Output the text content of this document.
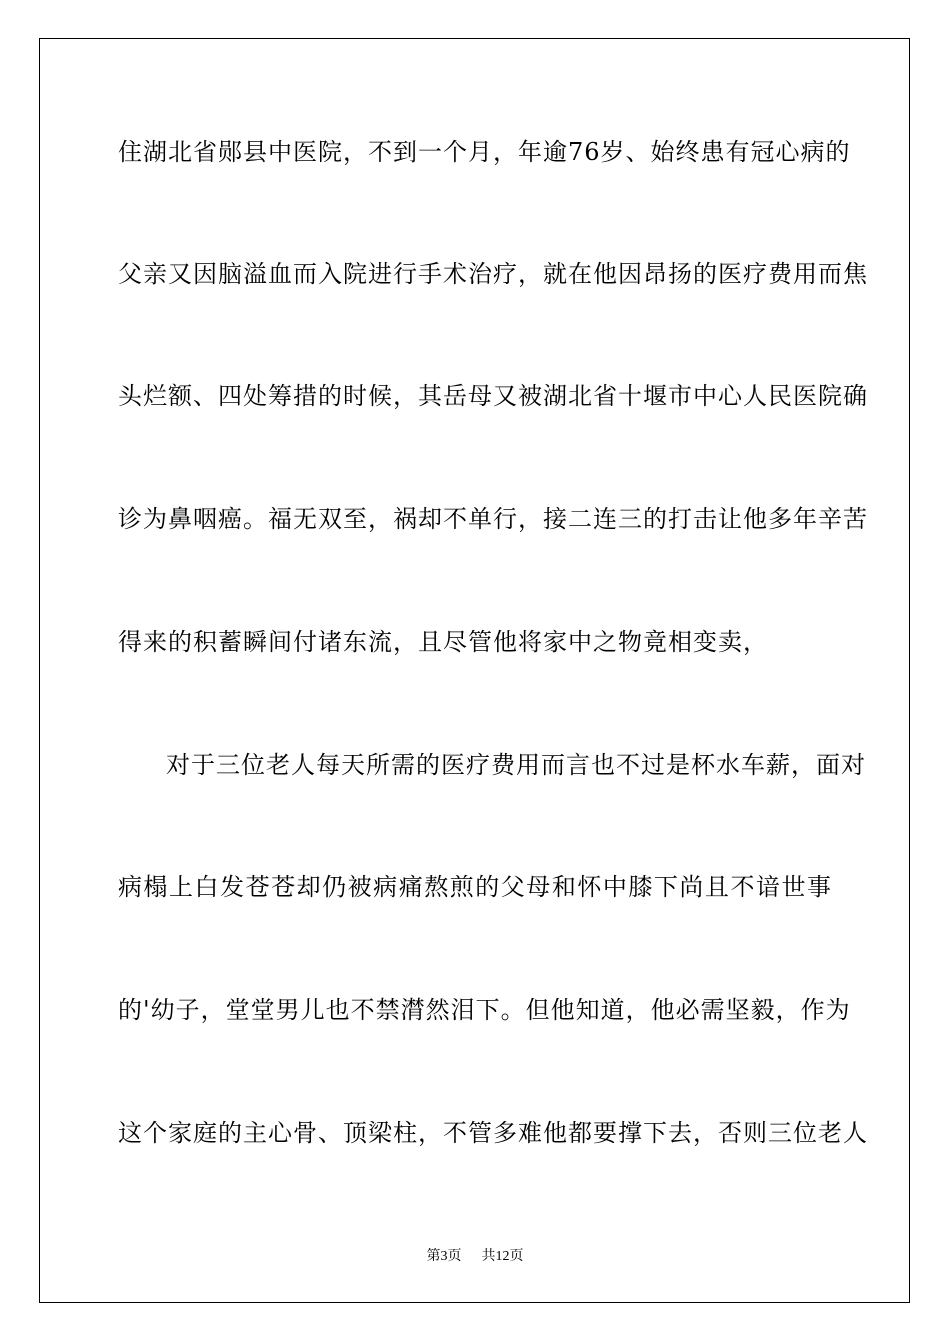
住湖北省郧县中医院，不到一个月，年逾76岁、始终患有冠心病的
父亲又因脑溢血而入院进行手术治疗，就在他因昂扬的医疗费用而焦
头烂额、四处筹措的时候，其岳母又被湖北省十堰市中心人民医院确
诊为鼻咽癌。福无双至，祸却不单行，接二连三的打击让他多年辛苦
得来的积蓄瞬间付诸东流，且尽管他将家中之物竟相变卖，
对于三位老人每天所需的医疗费用而言也不过是杯水车薪，面对
病榻上白发苍苍却仍被病痛熬煎的父母和怀中膝下尚且不谙世事
的'幼子，堂堂男儿也不禁潸然泪下。但他知道，他必需坚毅，作为
这个家庭的主心骨、顶梁柱，不管多难他都要撑下去，否则三位老人
第3页 共12页
